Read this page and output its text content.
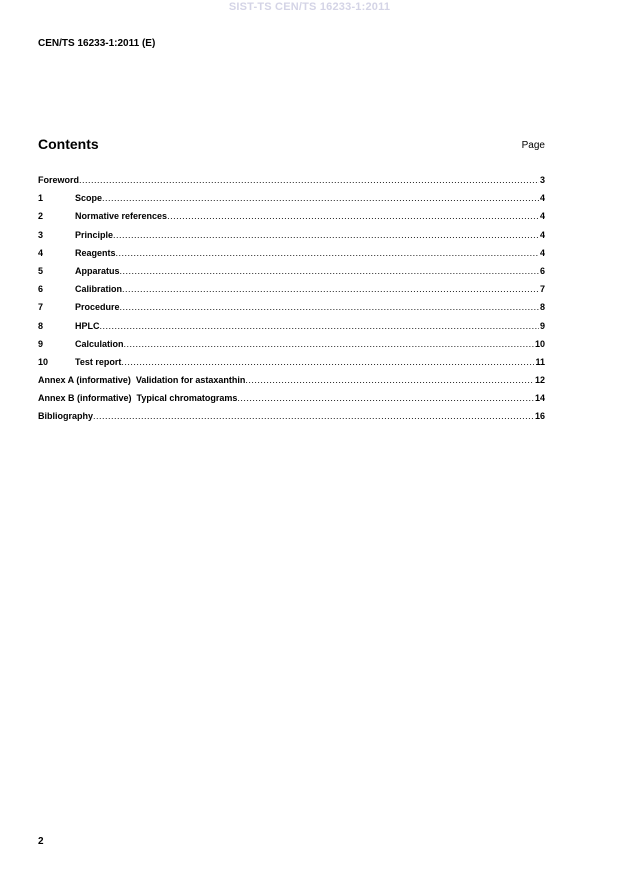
SIST-TS CEN/TS 16233-1:2011
CEN/TS 16233-1:2011 (E)
Contents	Page
Foreword .....	3
1	Scope .....	4
2	Normative references .....	4
3	Principle .....	4
4	Reagents .....	4
5	Apparatus .....	6
6	Calibration .....	7
7	Procedure .....	8
8	HPLC .....	9
9	Calculation .....	10
10	Test report .....	11
Annex A (informative)  Validation for astaxanthin .....	12
Annex B (informative)  Typical chromatograms .....	14
Bibliography .....	16
2
